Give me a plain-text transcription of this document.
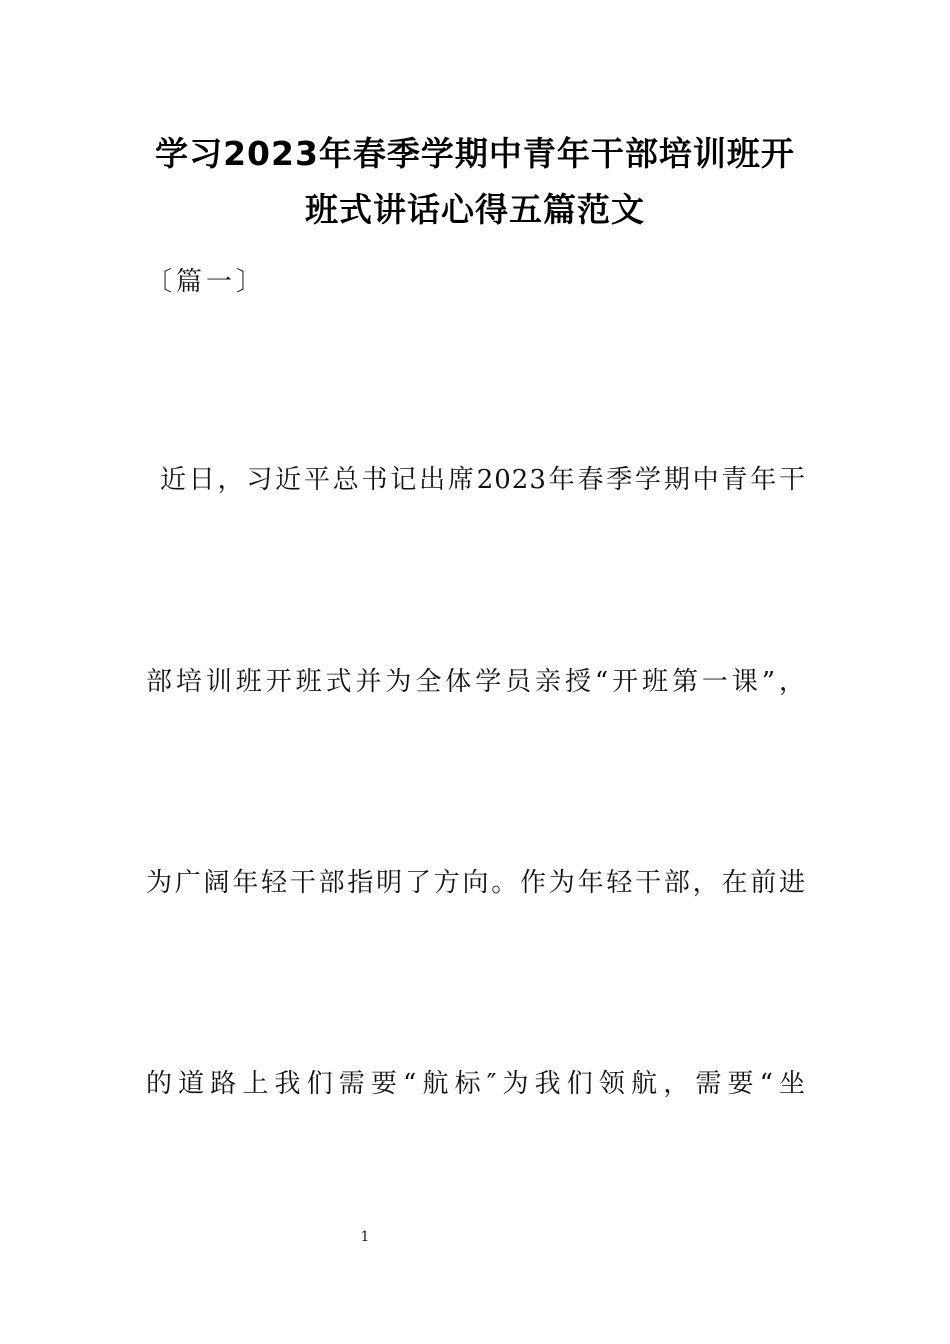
学习2023年春季学期中青年干部培训班开
班式讲话心得五篇范文
〔篇一〕
近日，习近平总书记出席2023年春季学期中青年干
部培训班开班式并为全体学员亲授“开班第一课”，
为广阔年轻干部指明了方向。作为年轻干部，在前进
的道路上我们需要“航标″为我们领航，需要“坐
1
